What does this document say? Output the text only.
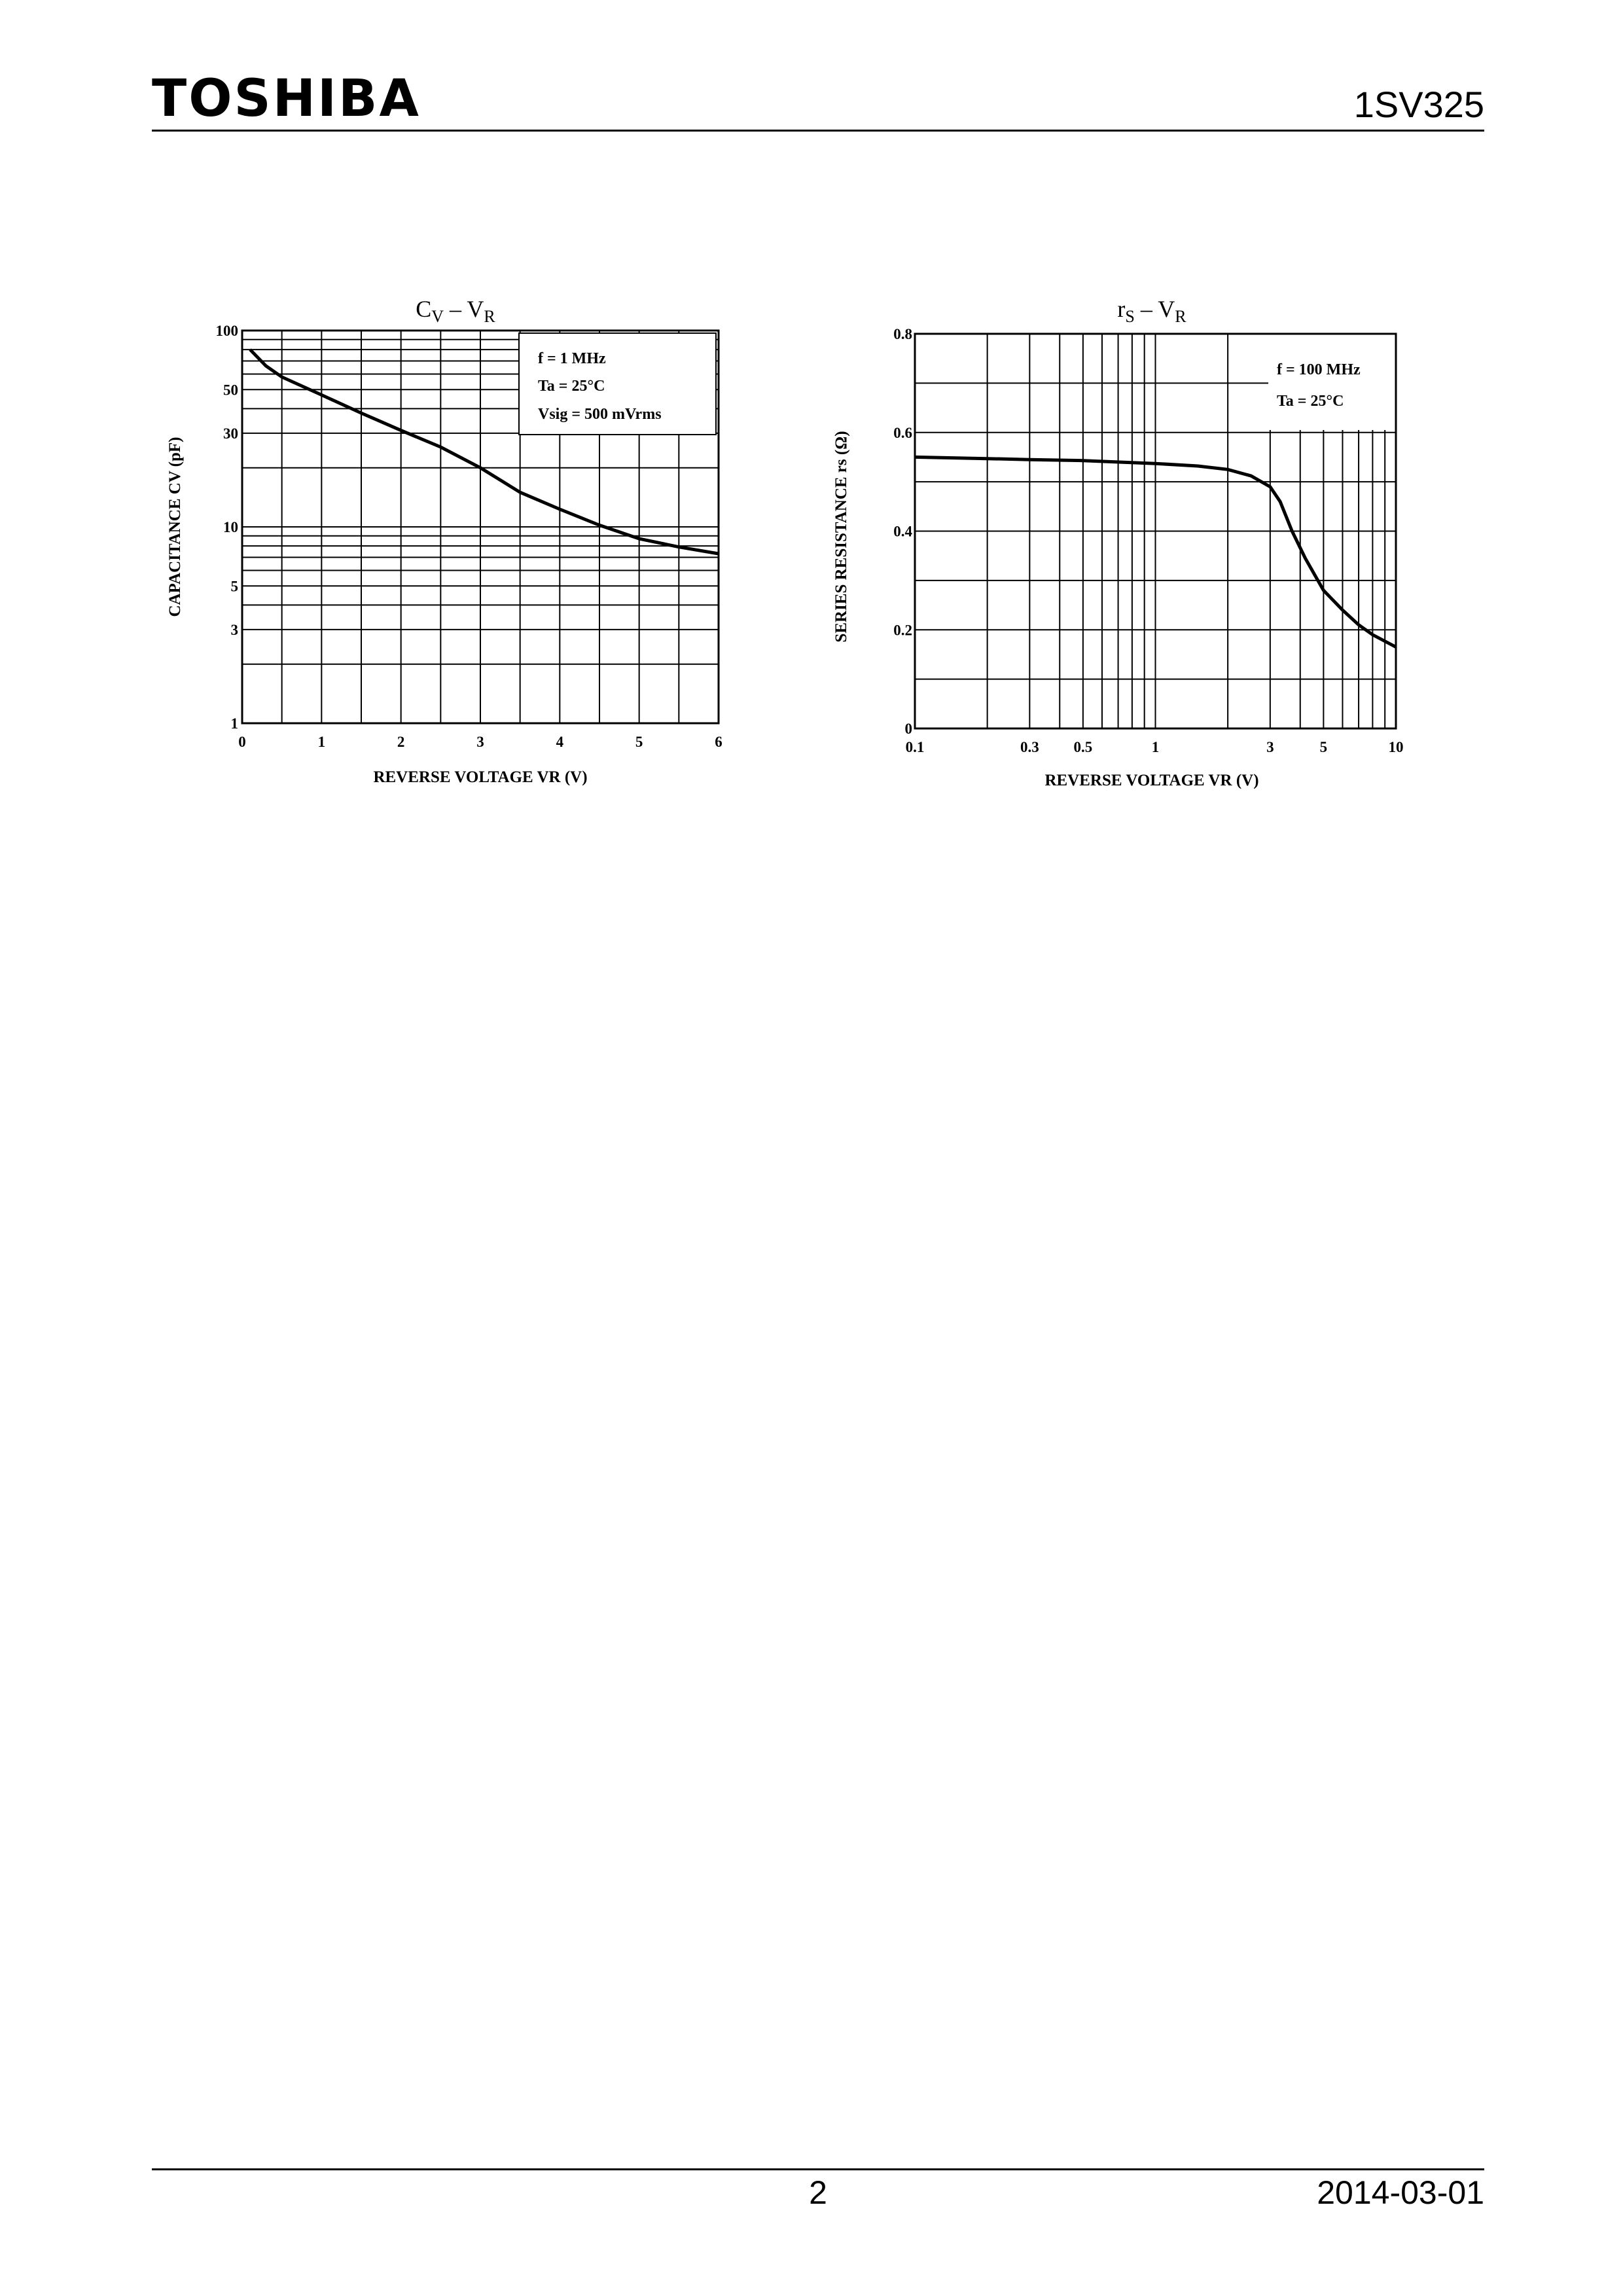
TOSHIBA	1SV325
$C_V - V_R$
0	1	2	3	4	5	6
1
3
5
10
30
50
100
f = 1 MHz
Ta = 25°C
Vsig = 500 mVrms
REVERSE VOLTAGE VR (V)
CAPACITANCE CV (pF)
$r_S - V_R$
0.1	0.3 0.5	1	3	5	10
0
0.2
0.4
0.6
0.8
f = 100 MHz
Ta = 25°C
REVERSE VOLTAGE VR (V)
SERIES RESISTANCE rs (Ω)
2	2014-03-01
